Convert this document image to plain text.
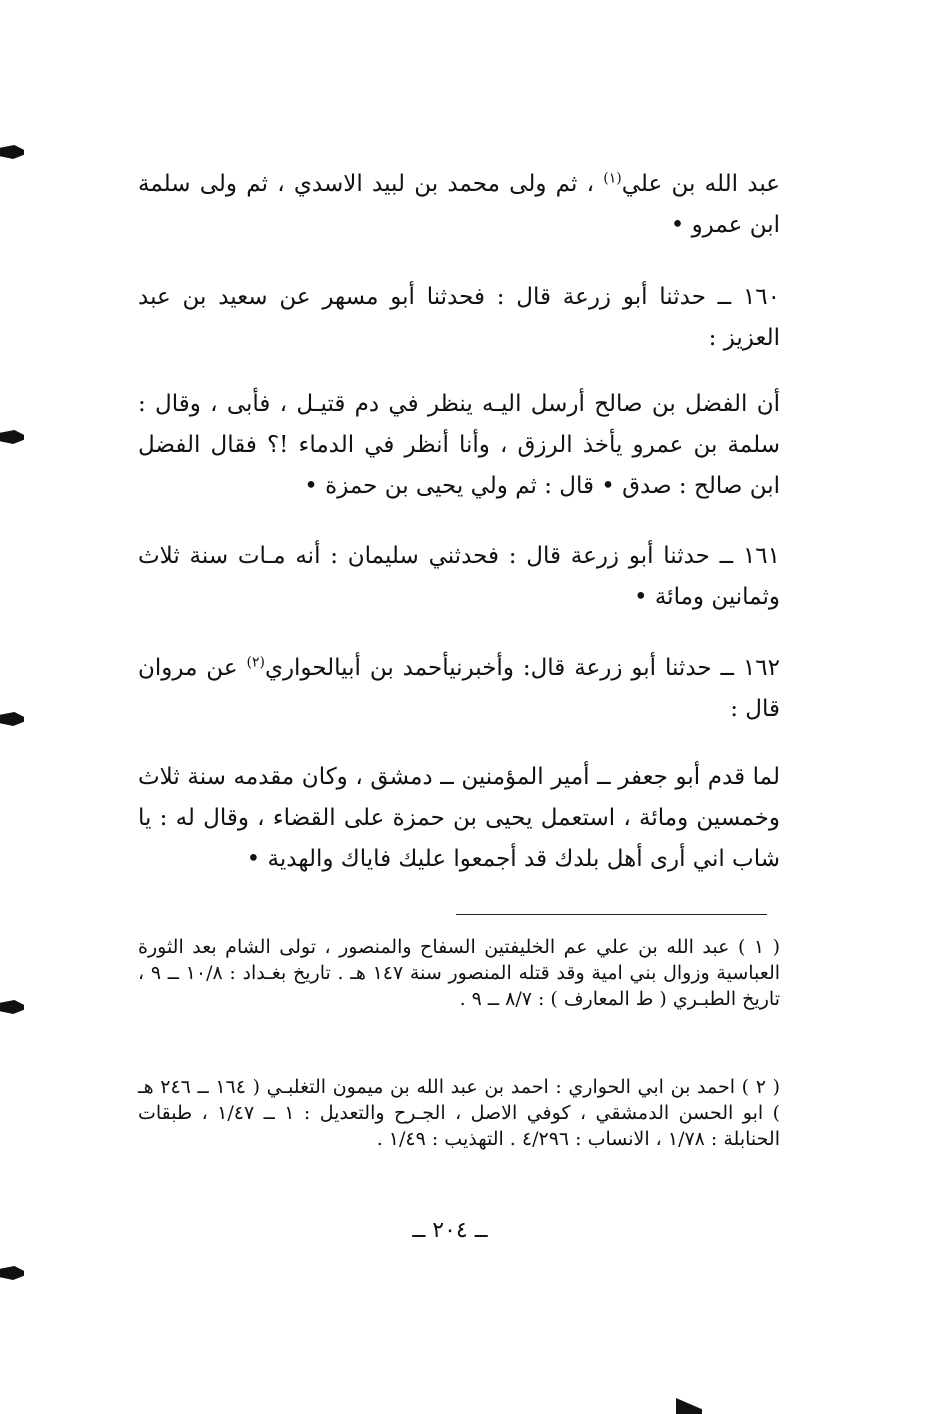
عبد الله بن علي$^{(١)}$ ، ثم ولى محمد بن لبيد الاسدي ، ثم ولى سلمة ابن عمرو •

١٦٠ ــ حدثنا أبو زرعة قال : فحدثنا أبو مسهر عن سعيد بن عبد العزيز :

أن الفضل بن صالح أرسل اليـه ينظر في دم قتيـل ، فأبى ، وقال : سلمة بن عمرو يأخذ الرزق ، وأنا أنظر في الدماء !؟ فقال الفضل ابن صالح : صدق • قال : ثم ولي يحيى بن حمزة •

١٦١ ــ حدثنا أبو زرعة قال : فحدثني سليمان : أنه مـات سنة ثلاث وثمانين ومائة •

١٦٢ ــ حدثنا أبو زرعة قال: وأخبرنيأحمد بن أبيالحواري$^{(٢)}$ عن مروان قال :

لما قدم أبو جعفر ــ أمير المؤمنين ــ دمشق ، وكان مقدمه سنة ثلاث وخمسين ومائة ، استعمل يحيى بن حمزة على القضاء ، وقال له : يا شاب اني أرى أهل بلدك قد أجمعوا عليك فاياك والهدية •

( ١ ) عبد الله بن علي عم الخليفتين السفاح والمنصور ، تولى الشام بعد الثورة العباسية وزوال بني امية وقد قتله المنصور سنة ١٤٧ هـ . تاريخ بغـداد : ١٠/٨ ــ ٩ ، تاريخ الطبـري ( ط المعارف ) : ٨/٧ ــ ٩ .

( ٢ ) احمد بن ابي الحواري : احمد بن عبد الله بن ميمون التغلبـي ( ١٦٤ ــ ٢٤٦ هـ ) ابو الحسن الدمشقي ، كوفي الاصل ، الجـرح والتعديل : ١ ــ ١/٤٧ ، طبقات الحنابلة : ١/٧٨ ، الانساب : ٤/٢٩٦ . التهذيب : ١/٤٩ .

ــ ٢٠٤ ــ
